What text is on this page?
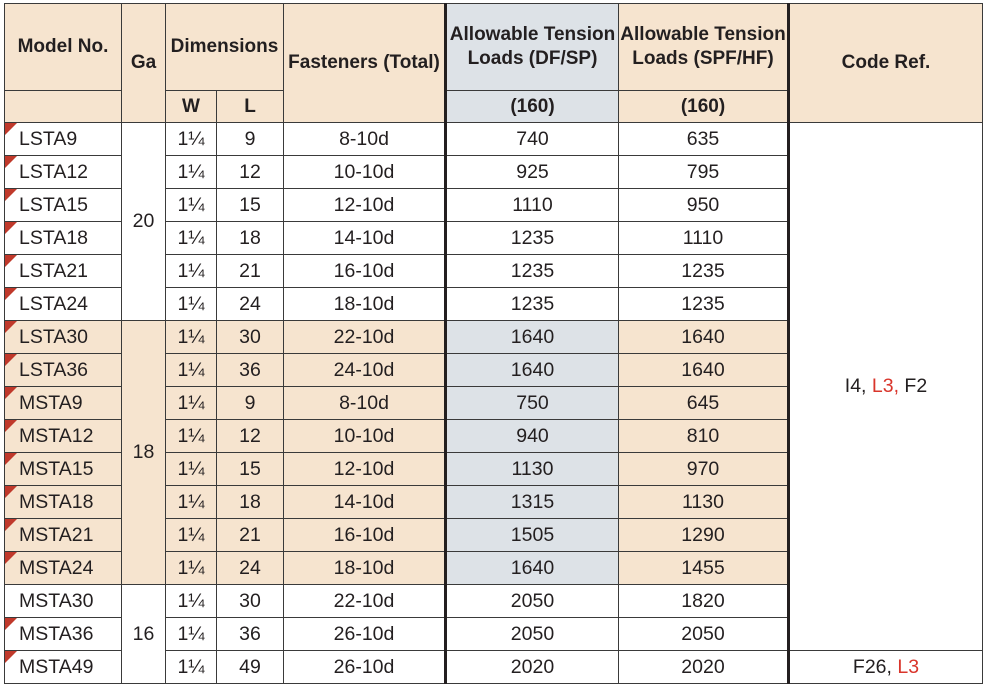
Model No.	Ga	Dimensions		Fasteners (Total)	Allowable Tension Loads (DF/SP)	Allowable Tension Loads (SPF/HF)	Code Ref.
		W	L		(160)	(160)	

LSTA9	20	1¼	9	8-10d	740	635	I4, L3, F2

LSTA12		1¼	12	10-10d	925	795	

LSTA15		1¼	15	12-10d	1110	950	

LSTA18		1¼	18	14-10d	1235	1110	

LSTA21		1¼	21	16-10d	1235	1235	

LSTA24		1¼	24	18-10d	1235	1235	

LSTA30	18	1¼	30	22-10d	1640	1640	

LSTA36		1¼	36	24-10d	1640	1640	

MSTA9		1¼	9	8-10d	750	645	

MSTA12		1¼	12	10-10d	940	810	

MSTA15		1¼	15	12-10d	1130	970	

MSTA18		1¼	18	14-10d	1315	1130	

MSTA21		1¼	21	16-10d	1505	1290	

MSTA24		1¼	24	18-10d	1640	1455	
MSTA30	16	1¼	30	22-10d	2050	1820	

MSTA36		1¼	36	26-10d	2050	2050	

MSTA49		1¼	49	26-10d	2020	2020	F26, L3
